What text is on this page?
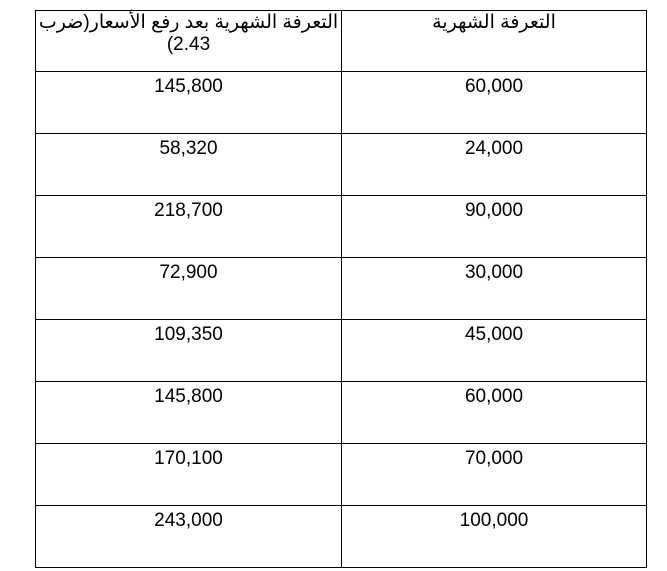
التعرفة الشهرية بعد رفع الأسعار(ضرب 2.43)	التعرفة الشهرية

145,800	60,000

58,320	24,000

218,700	90,000

72,900	30,000

109,350	45,000

145,800	60,000

170,100	70,000

243,000	100,000
